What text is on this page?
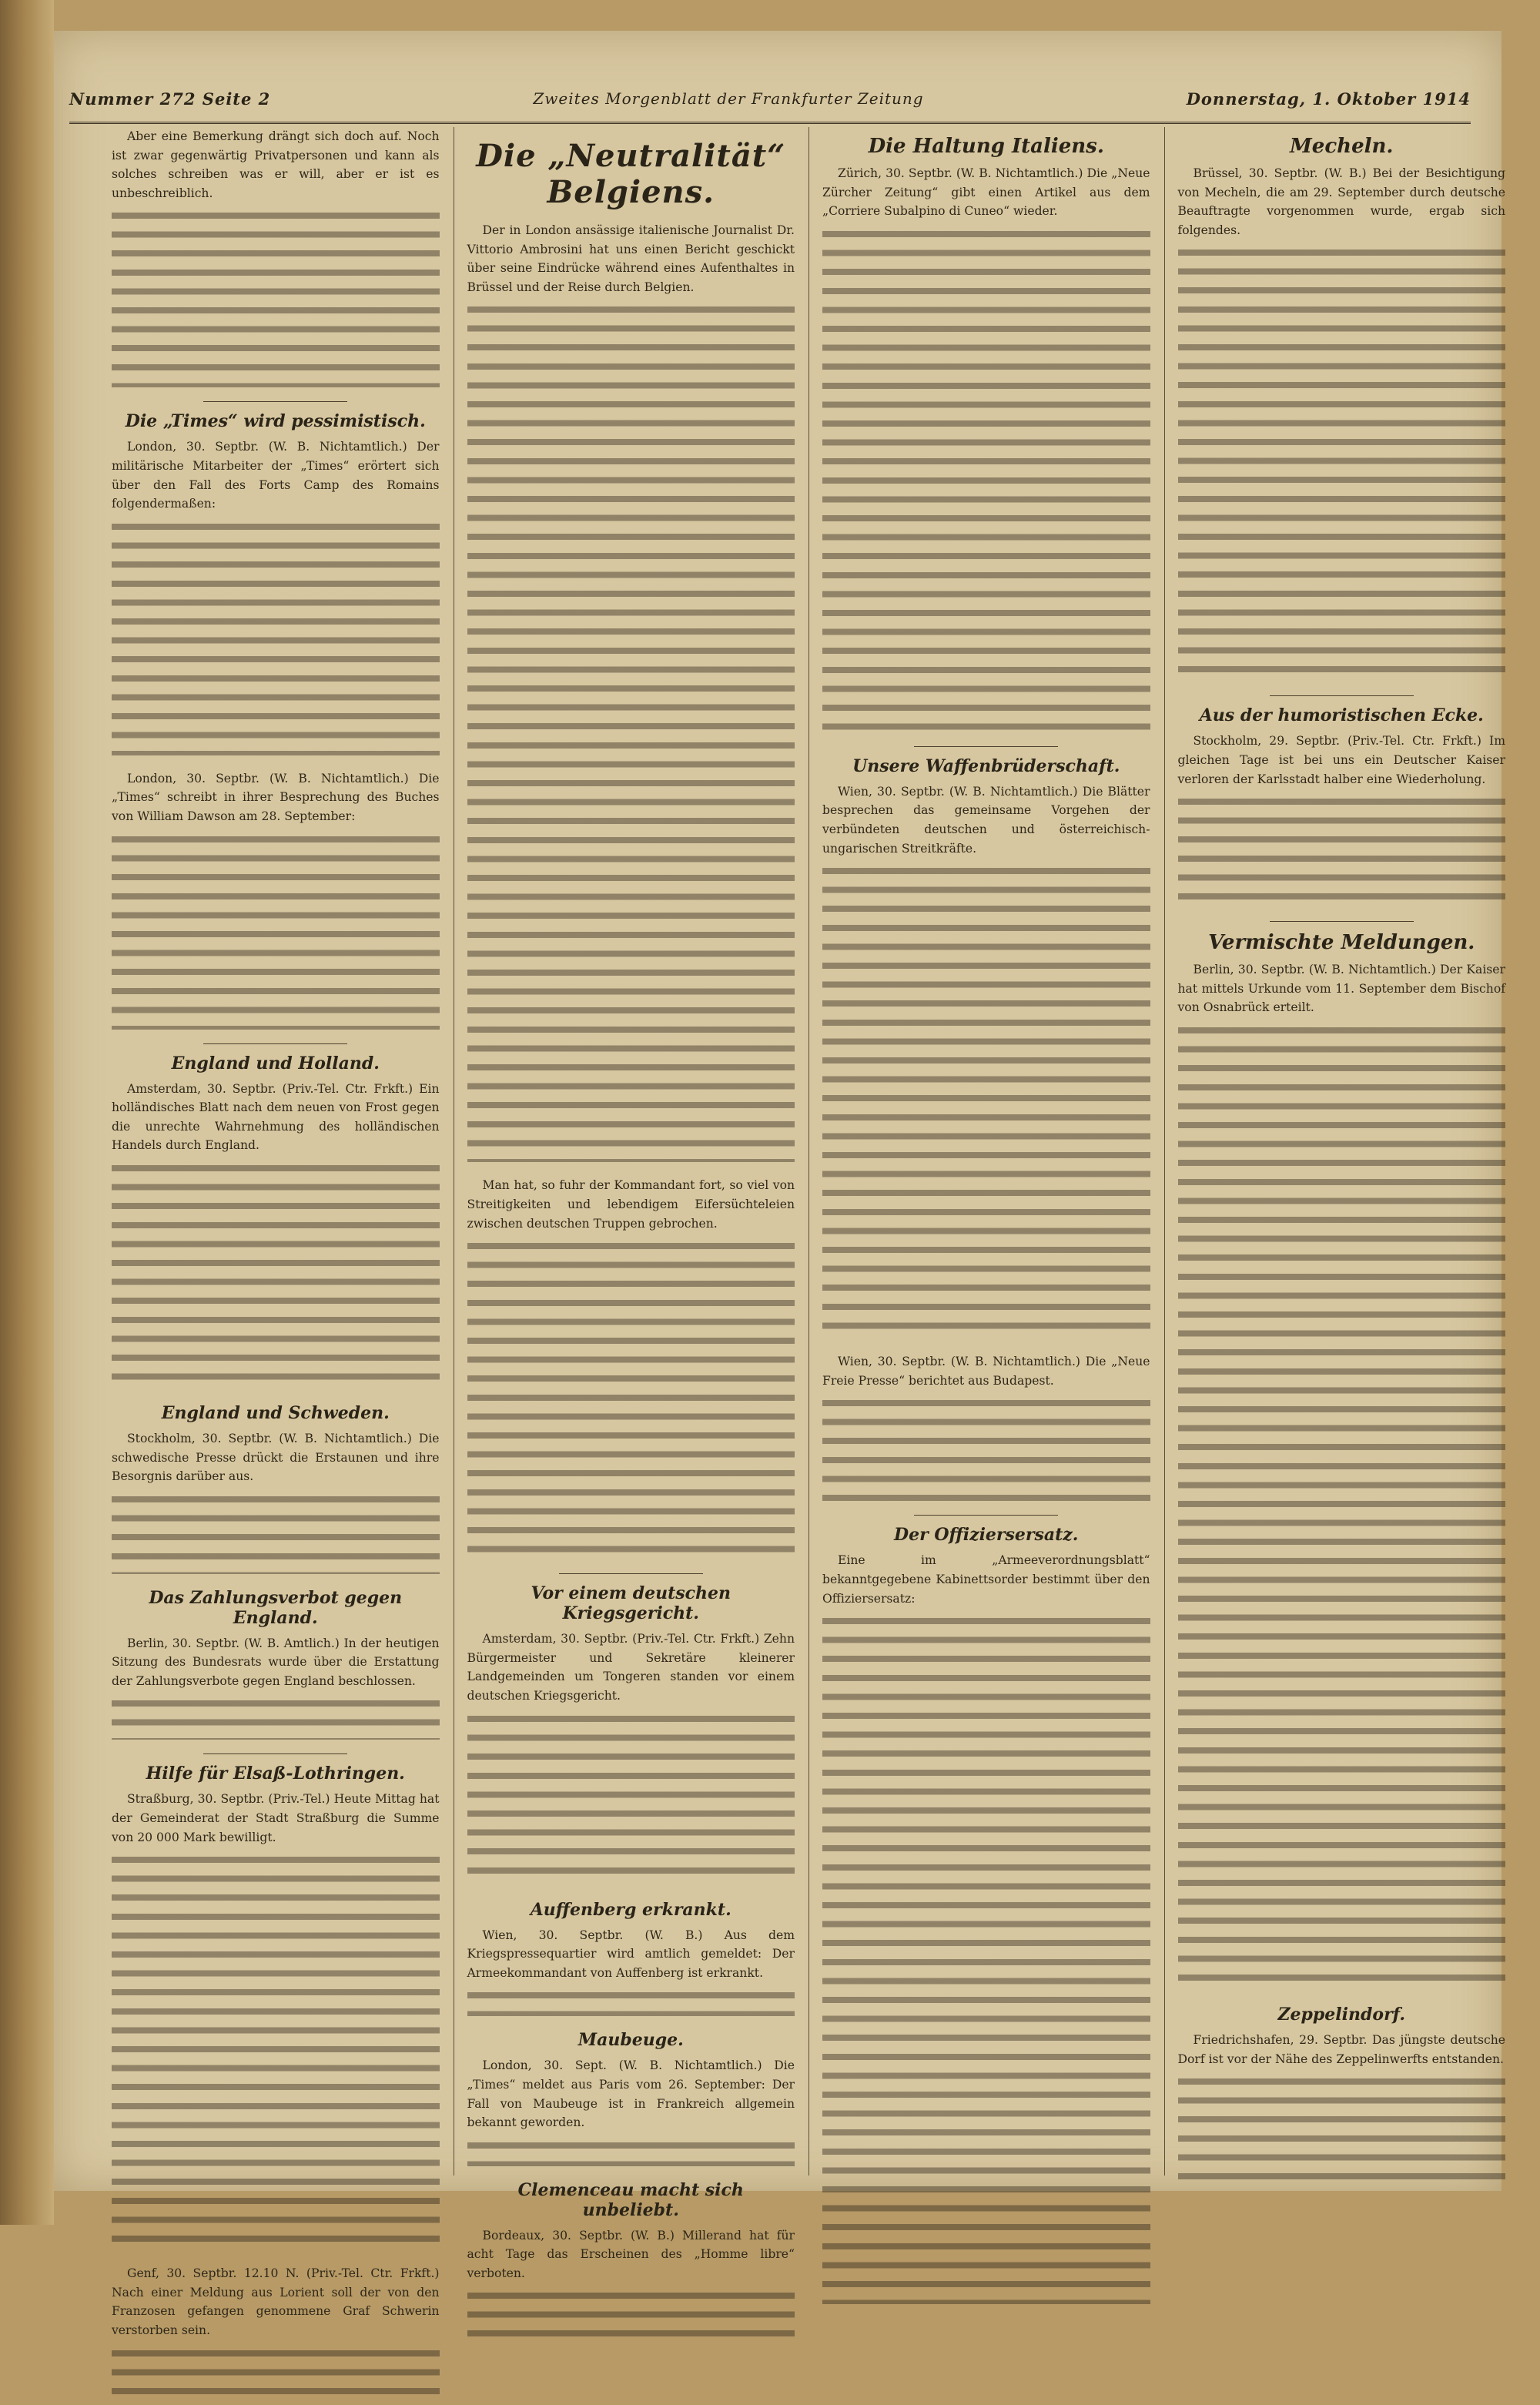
Nummer 272 Seite 2	Zweites Morgenblatt der Frankfurter Zeitung	Donnerstag, 1. Oktober 1914

Aber eine Bemerkung drängt sich doch auf. Noch ist zwar gegenwärtig Privatpersonen und kann als solches schreiben was er will, aber er ist es unbeschreiblich.

Die „Times“ wird pessimistisch.

London, 30. Septbr. (W. B. Nichtamtlich.) Der militärische Mitarbeiter der „Times“ erörtert sich über den Fall des Forts Camp des Romains folgendermaßen:

London, 30. Septbr. (W. B. Nichtamtlich.) Die „Times“ schreibt in ihrer Besprechung des Buches von William Dawson am 28. September:

England und Holland.

Amsterdam, 30. Septbr. (Priv.-Tel. Ctr. Frkft.) Ein holländisches Blatt nach dem neuen von Frost gegen die unrechte Wahrnehmung des holländischen Handels durch England.

England und Schweden.

Stockholm, 30. Septbr. (W. B. Nichtamtlich.) Die schwedische Presse drückt die Erstaunen und ihre Besorgnis darüber aus.

Das Zahlungsverbot gegen England.

Berlin, 30. Septbr. (W. B. Amtlich.) In der heutigen Sitzung des Bundesrats wurde über die Erstattung der Zahlungsverbote gegen England beschlossen.

Hilfe für Elsaß-Lothringen.

Straßburg, 30. Septbr. (Priv.-Tel.) Heute Mittag hat der Gemeinderat der Stadt Straßburg die Summe von 20 000 Mark bewilligt.

Genf, 30. Septbr. 12.10 N. (Priv.-Tel. Ctr. Frkft.) Nach einer Meldung aus Lorient soll der von den Franzosen gefangen genommene Graf Schwerin verstorben sein.

Die „Neutralität“ Belgiens.

Der in London ansässige italienische Journalist Dr. Vittorio Ambrosini hat uns einen Bericht geschickt über seine Eindrücke während eines Aufenthaltes in Brüssel und der Reise durch Belgien.

Man hat, so fuhr der Kommandant fort, so viel von Streitigkeiten und lebendigem Eifersüchteleien zwischen deutschen Truppen gebrochen.

Vor einem deutschen Kriegsgericht.

Amsterdam, 30. Septbr. (Priv.-Tel. Ctr. Frkft.) Zehn Bürgermeister und Sekretäre kleinerer Landgemeinden um Tongeren standen vor einem deutschen Kriegsgericht.

Auffenberg erkrankt.

Wien, 30. Septbr. (W. B.) Aus dem Kriegspressequartier wird amtlich gemeldet: Der Armeekommandant von Auffenberg ist erkrankt.

Maubeuge.

London, 30. Sept. (W. B. Nichtamtlich.) Die „Times“ meldet aus Paris vom 26. September: Der Fall von Maubeuge ist in Frankreich allgemein bekannt geworden.

Clemenceau macht sich unbeliebt.

Bordeaux, 30. Septbr. (W. B.) Millerand hat für acht Tage das Erscheinen des „Homme libre“ verboten.

Die Haltung Italiens.

Zürich, 30. Septbr. (W. B. Nichtamtlich.) Die „Neue Zürcher Zeitung“ gibt einen Artikel aus dem „Corriere Subalpino di Cuneo“ wieder.

Unsere Waffenbrüderschaft.

Wien, 30. Septbr. (W. B. Nichtamtlich.) Die Blätter besprechen das gemeinsame Vorgehen der verbündeten deutschen und österreichisch-ungarischen Streitkräfte.

Wien, 30. Septbr. (W. B. Nichtamtlich.) Die „Neue Freie Presse“ berichtet aus Budapest.

Der Offiziersersatz.

Eine im „Armeeverordnungsblatt“ bekanntgegebene Kabinettsorder bestimmt über den Offiziersersatz:

Mecheln.

Brüssel, 30. Septbr. (W. B.) Bei der Besichtigung von Mecheln, die am 29. September durch deutsche Beauftragte vorgenommen wurde, ergab sich folgendes.

Aus der humoristischen Ecke.

Stockholm, 29. Septbr. (Priv.-Tel. Ctr. Frkft.) Im gleichen Tage ist bei uns ein Deutscher Kaiser verloren der Karlsstadt halber eine Wiederholung.

Vermischte Meldungen.

Berlin, 30. Septbr. (W. B. Nichtamtlich.) Der Kaiser hat mittels Urkunde vom 11. September dem Bischof von Osnabrück erteilt.

Zeppelindorf.

Friedrichshafen, 29. Septbr. Das jüngste deutsche Dorf ist vor der Nähe des Zeppelinwerfts entstanden.
